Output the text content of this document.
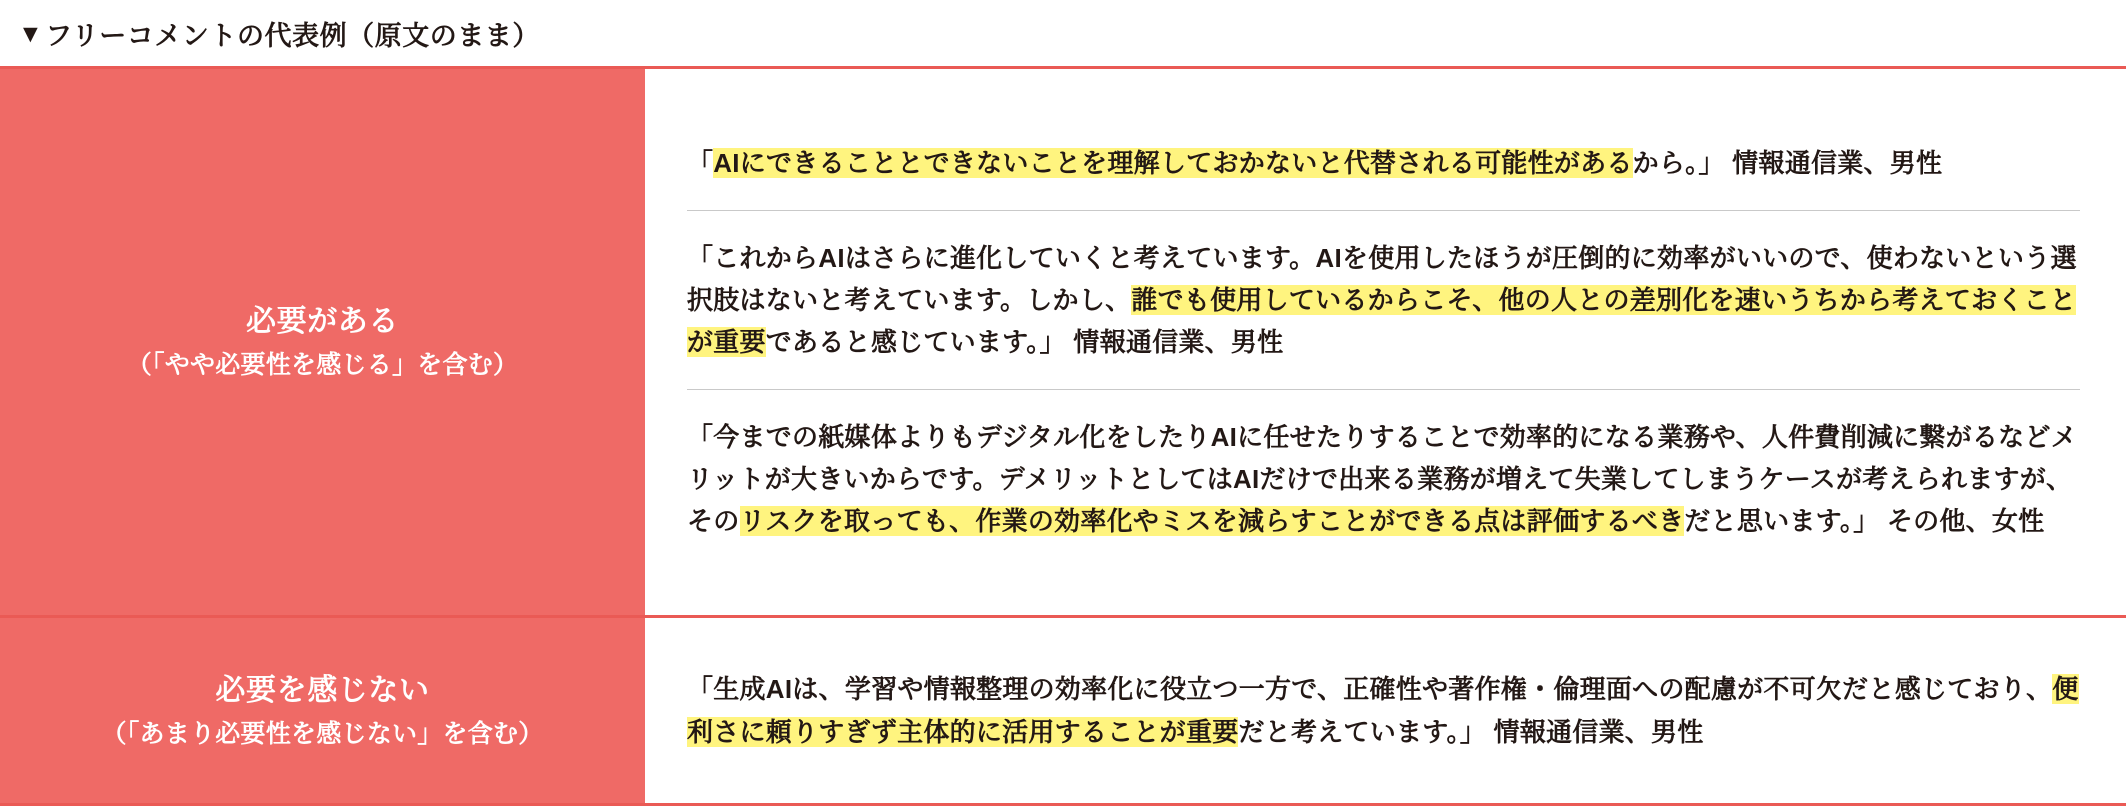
▼ フリーコメントの代表例（原文のまま）
必要がある
（「やや必要性を感じる」を含む）
「AIにできることとできないことを理解しておかないと代替される可能性があるから。」 情報通信業、男性
「これからAIはさらに進化していくと考えています。AIを使用したほうが圧倒的に効率がいいので、使わないという選択肢はないと考えています。しかし、誰でも使用しているからこそ、他の人との差別化を速いうちから考えておくことが重要であると感じています。」 情報通信業、男性
「今までの紙媒体よりもデジタル化をしたりAIに任せたりすることで効率的になる業務や、人件費削減に繋がるなどメリットが大きいからです。デメリットとしてはAIだけで出来る業務が増えて失業してしまうケースが考えられますが、そのリスクを取っても、作業の効率化やミスを減らすことができる点は評価するべきだと思います。」 その他、女性
必要を感じない
（「あまり必要性を感じない」を含む）
「生成AIは、学習や情報整理の効率化に役立つ一方で、正確性や著作権・倫理面への配慮が不可欠だと感じており、便利さに頼りすぎず主体的に活用することが重要だと考えています。」 情報通信業、男性
